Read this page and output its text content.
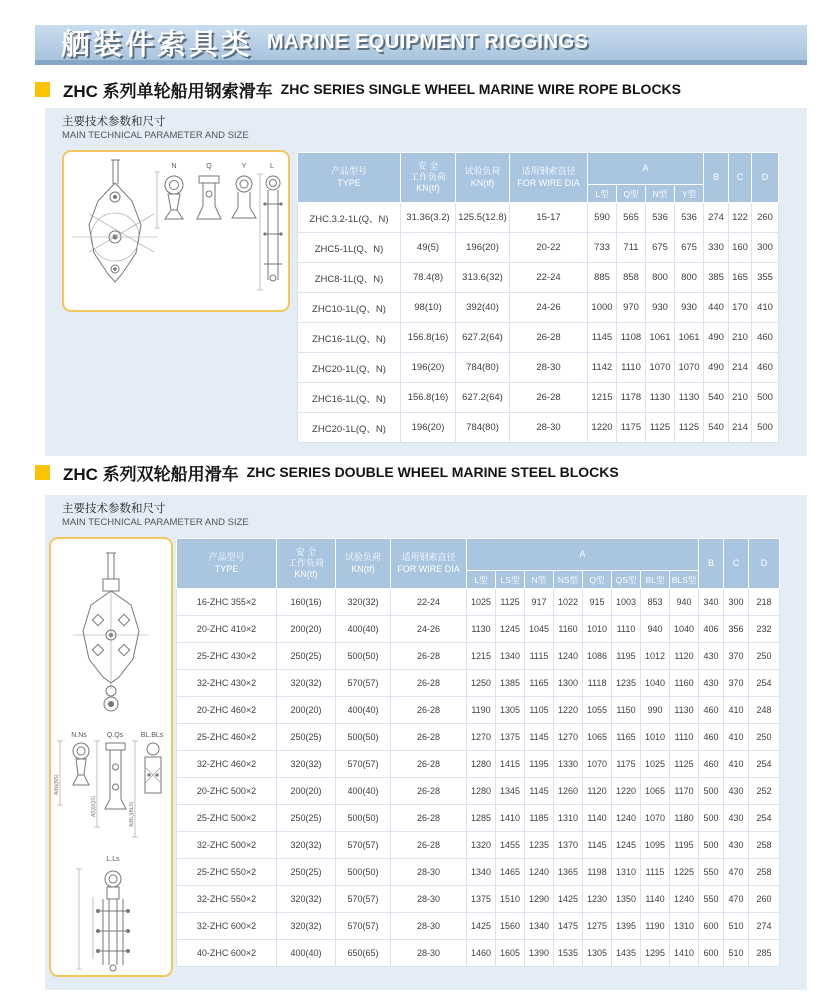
舾装件索具类 MARINE EQUIPMENT RIGGINGS
ZHC 系列单轮船用钢索滑车 ZHC SERIES SINGLE WHEEL MARINE WIRE ROPE BLOCKS
主要技术参数和尺寸
MAIN TECHNICAL PARAMETER AND SIZE
N	Q	Y	L	产品型号
TYPE

安 全
工作负荷
KN(tf)

试验负荷
KN(tf)

适用钢索直径
FOR WIRE DIA

A

B	C	D

				L型	Q型	N型	Y型			
ZHC.3.2-1L(Q、N)	31.36(3.2)	125.5(12.8)	15-17	590	565	536	536	274	122	260
ZHC5-1L(Q、N)	49(5)	196(20)	20-22	733	711	675	675	330	160	300
ZHC8-1L(Q、N)	78.4(8)	313.6(32)	22-24	885	858	800	800	385	165	355
ZHC10-1L(Q、N)	98(10)	392(40)	24-26	1000	970	930	930	440	170	410
ZHC16-1L(Q、N)	156.8(16)	627.2(64)	26-28	1145	1108	1061	1061	490	210	460
ZHC20-1L(Q、N)	196(20)	784(80)	28-30	1142	1110	1070	1070	490	214	460
ZHC16-1L(Q、N)	156.8(16)	627.2(64)	26-28	1215	1178	1130	1130	540	210	500
ZHC20-1L(Q、N)	196(20)	784(80)	28-30	1220	1175	1125	1125	540	214	500
ZHC 系列双轮船用滑车 ZHC SERIES DOUBLE WHEEL MARINE STEEL BLOCKS
主要技术参数和尺寸
MAIN TECHNICAL PARAMETER AND SIZE
N.Ns	Q.Qs	BL.BLs
A(N)(NS)
A(Q)(QS)	A(BL)(BLS)
L.Ls
产品型号
TYPE

安 全
工作负荷
KN(tf)

试验负荷
KN(tf)

适用钢索直径
FOR WIRE DIA

A

B	C	D

				L型	LS型	N型	NS型	Q型	QS型	BL型	BLS型			
16-ZHC 355×2	160(16)	320(32)	22-24	1025	1125	917	1022	915	1003	853	940	340	300	218
20-ZHC 410×2	200(20)	400(40)	24-26	1130	1245	1045	1160	1010	1110	940	1040	406	356	232
25-ZHC 430×2	250(25)	500(50)	26-28	1215	1340	1115	1240	1086	1195	1012	1120	430	370	250
32-ZHC 430×2	320(32)	570(57)	26-28	1250	1385	1165	1300	1118	1235	1040	1160	430	370	254
20-ZHC 460×2	200(20)	400(40)	26-28	1190	1305	1105	1220	1055	1150	990	1130	460	410	248
25-ZHC 460×2	250(25)	500(50)	26-28	1270	1375	1145	1270	1065	1165	1010	1110	460	410	250
32-ZHC 460×2	320(32)	570(57)	26-28	1280	1415	1195	1330	1070	1175	1025	1125	460	410	254
20-ZHC 500×2	200(20)	400(40)	26-28	1280	1345	1145	1260	1120	1220	1065	1170	500	430	252
25-ZHC 500×2	250(25)	500(50)	26-28	1285	1410	1185	1310	1140	1240	1070	1180	500	430	254
32-ZHC 500×2	320(32)	570(57)	26-28	1320	1455	1235	1370	1145	1245	1095	1195	500	430	258
25-ZHC 550×2	250(25)	500(50)	28-30	1340	1465	1240	1365	1198	1310	1115	1225	550	470	258
32-ZHC 550×2	320(32)	570(57)	28-30	1375	1510	1290	1425	1230	1350	1140	1240	550	470	260
32-ZHC 600×2	320(32)	570(57)	28-30	1425	1560	1340	1475	1275	1395	1190	1310	600	510	274
40-ZHC 600×2	400(40)	650(65)	28-30	1460	1605	1390	1535	1305	1435	1295	1410	600	510	285
